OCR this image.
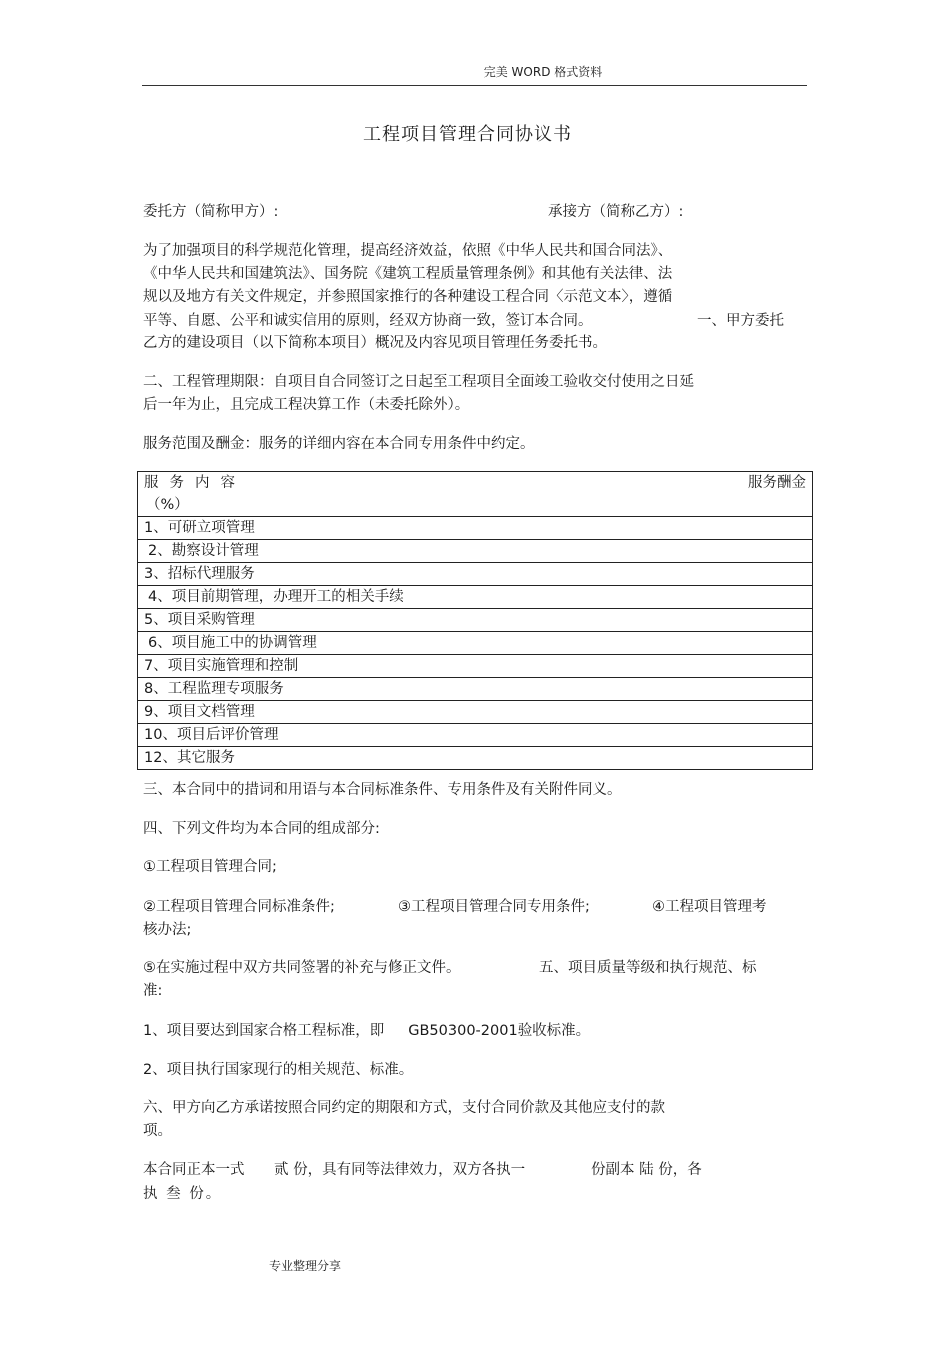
完美 WORD 格式资料
工程项目管理合同协议书
委托方（简称甲方）:	承接方（简称乙方）:
为了加强项目的科学规范化管理，提高经济效益，依照《中华人民共和国合同法》、
《中华人民共和国建筑法》、国务院《建筑工程质量管理条例》和其他有关法律、法
规以及地方有关文件规定，并参照国家推行的各种建设工程合同〈示范文本〉，遵循
平等、自愿、公平和诚实信用的原则，经双方协商一致，签订本合同。	一、甲方委托
乙方的建设项目（以下简称本项目）概况及内容见项目管理任务委托书。
二、工程管理期限：自项目自合同签订之日起至工程项目全面竣工验收交付使用之日延
后一年为止，且完成工程决算工作（未委托除外）。
服务范围及酬金：服务的详细内容在本合同专用条件中约定。
服务内容	服务酬金
（%）

1、可研立项管理
2、勘察设计管理
3、招标代理服务
4、项目前期管理，办理开工的相关手续
5、项目采购管理
6、项目施工中的协调管理
7、项目实施管理和控制
8、工程监理专项服务
9、项目文档管理
10、项目后评价管理
12、其它服务
三、本合同中的措词和用语与本合同标准条件、专用条件及有关附件同义。
四、下列文件均为本合同的组成部分:
①工程项目管理合同;
②工程项目管理合同标准条件;	③工程项目管理合同专用条件;	④工程项目管理考
核办法;
⑤在实施过程中双方共同签署的补充与修正文件。	五、项目质量等级和执行规范、标
准:
1、项目要达到国家合格工程标准，即 GB50300-2001验收标准。
2、项目执行国家现行的相关规范、标准。
六、甲方向乙方承诺按照合同约定的期限和方式，支付合同价款及其他应支付的款
项。
本合同正本一式 贰 份，具有同等法律效力，双方各执一	份副本 陆 份，各
执 叁 份。
专业整理分享
